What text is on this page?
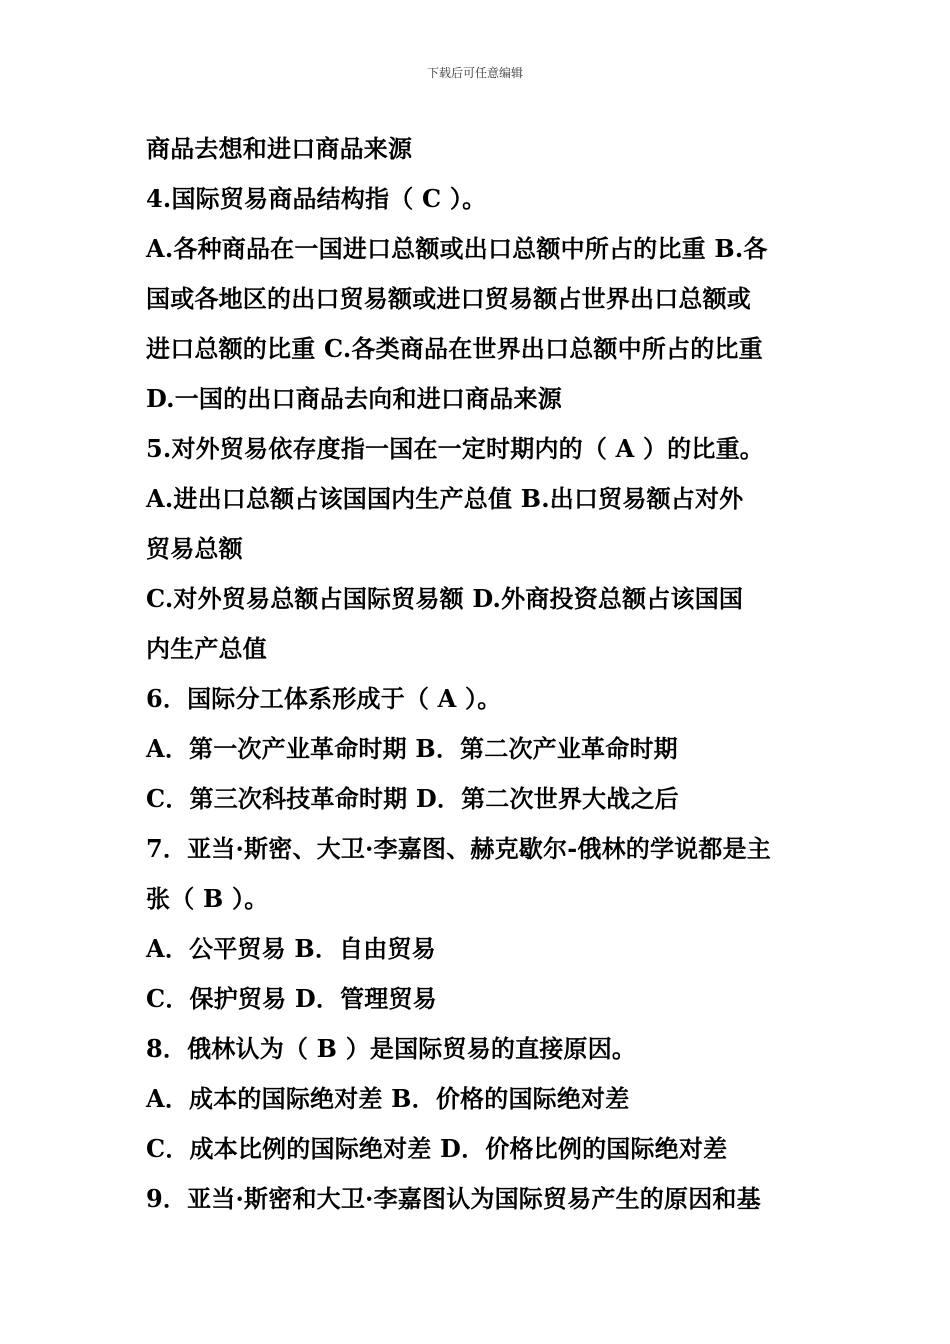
下载后可任意编辑
商品去想和进口商品来源
4.国际贸易商品结构指（ C ）。
A.各种商品在一国进口总额或出口总额中所占的比重 B.各
国或各地区的出口贸易额或进口贸易额占世界出口总额或
进口总额的比重 C.各类商品在世界出口总额中所占的比重
D.一国的出口商品去向和进口商品来源
5.对外贸易依存度指一国在一定时期内的（ A ）的比重。
A.进出口总额占该国国内生产总值 B.出口贸易额占对外
贸易总额
C.对外贸易总额占国际贸易额 D.外商投资总额占该国国
内生产总值
6．国际分工体系形成于（ A ）。
A．第一次产业革命时期 B．第二次产业革命时期
C．第三次科技革命时期 D．第二次世界大战之后
7．亚当·斯密、大卫·李嘉图、赫克歇尔-俄林的学说都是主
张（ B ）。
A．公平贸易 B．自由贸易
C．保护贸易 D．管理贸易
8．俄林认为（ B ）是国际贸易的直接原因。
A．成本的国际绝对差 B．价格的国际绝对差
C．成本比例的国际绝对差 D．价格比例的国际绝对差
9．亚当·斯密和大卫·李嘉图认为国际贸易产生的原因和基
